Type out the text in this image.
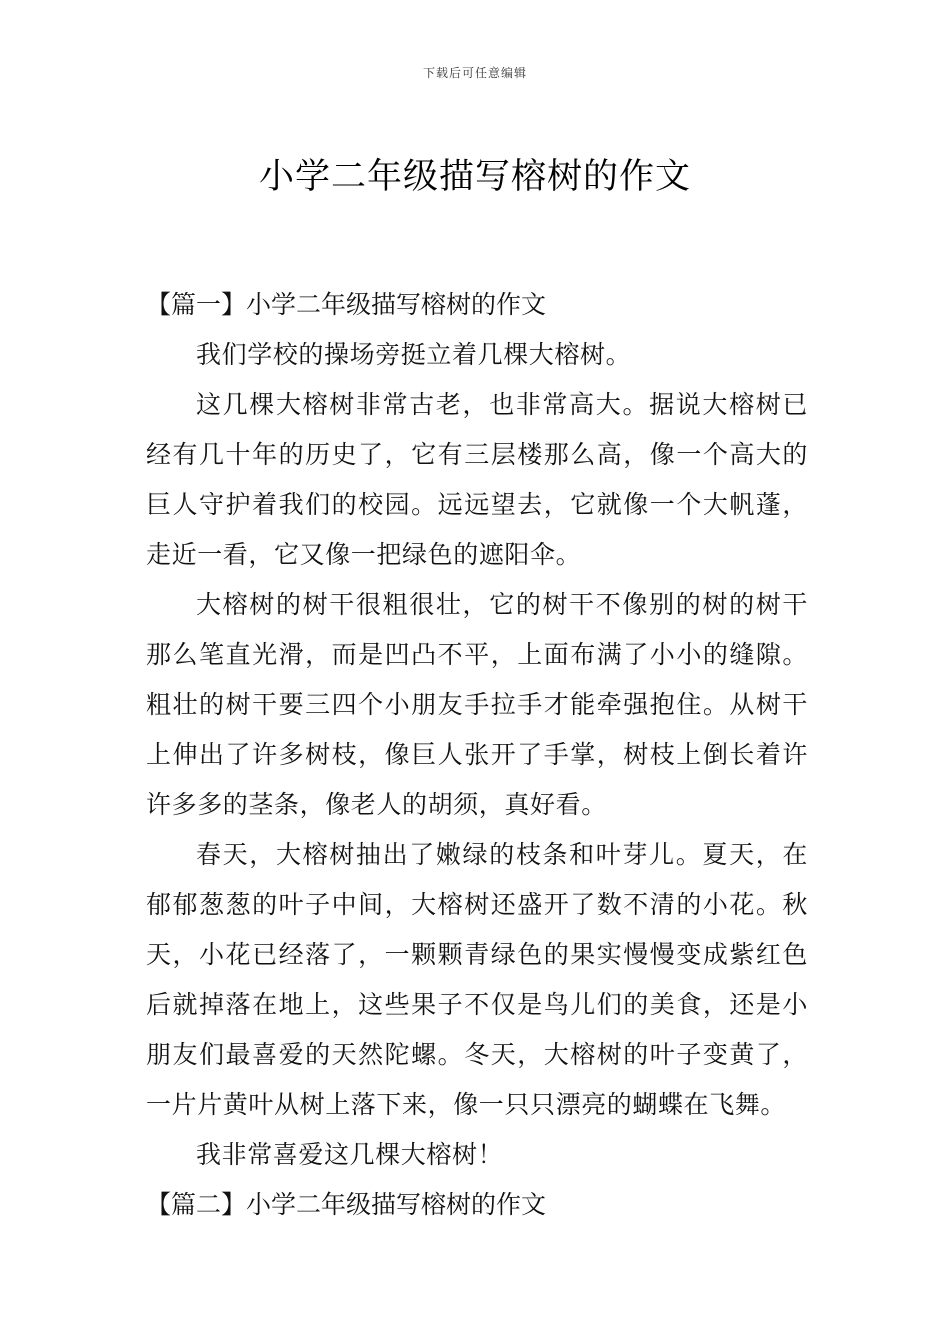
下载后可任意编辑
小学二年级描写榕树的作文
【篇一】小学二年级描写榕树的作文

我们学校的操场旁挺立着几棵大榕树。

这几棵大榕树非常古老，也非常高大。据说大榕树已经有几十年的历史了，它有三层楼那么高，像一个高大的巨人守护着我们的校园。远远望去，它就像一个大帆蓬，走近一看，它又像一把绿色的遮阳伞。

大榕树的树干很粗很壮，它的树干不像别的树的树干那么笔直光滑，而是凹凸不平，上面布满了小小的缝隙。粗壮的树干要三四个小朋友手拉手才能牵强抱住。从树干上伸出了许多树枝，像巨人张开了手掌，树枝上倒长着许许多多的茎条，像老人的胡须，真好看。

春天，大榕树抽出了嫩绿的枝条和叶芽儿。夏天，在郁郁葱葱的叶子中间，大榕树还盛开了数不清的小花。秋天，小花已经落了，一颗颗青绿色的果实慢慢变成紫红色后就掉落在地上，这些果子不仅是鸟儿们的美食，还是小朋友们最喜爱的天然陀螺。冬天，大榕树的叶子变黄了，一片片黄叶从树上落下来，像一只只漂亮的蝴蝶在飞舞。

我非常喜爱这几棵大榕树！

【篇二】小学二年级描写榕树的作文
